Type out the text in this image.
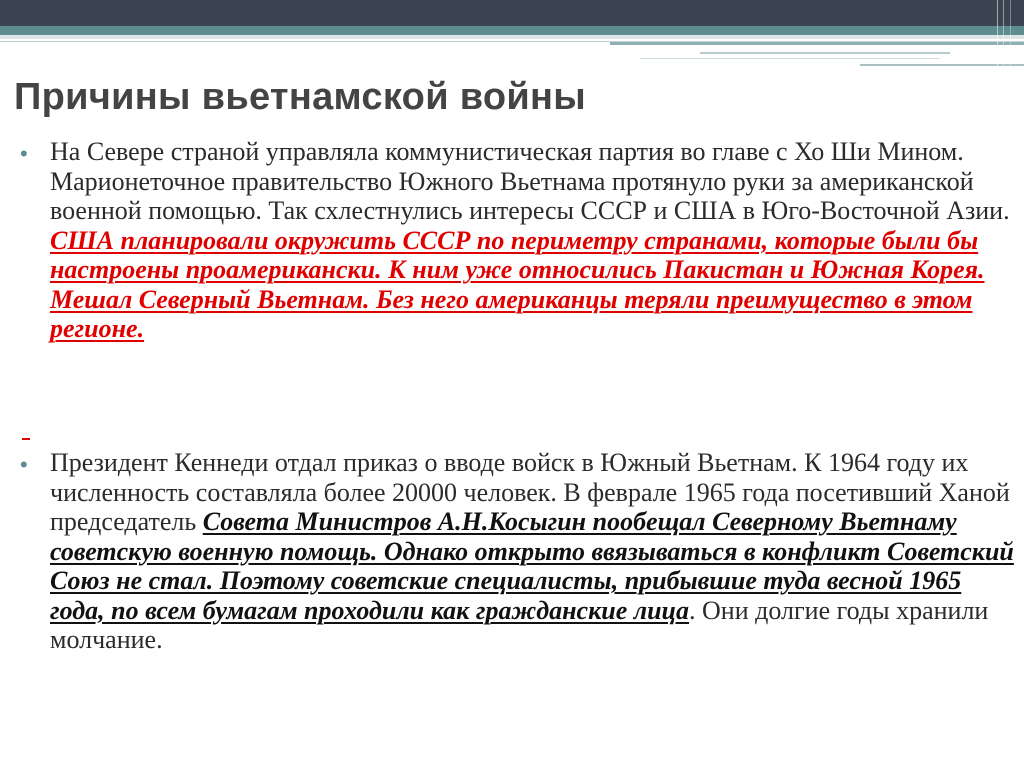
Причины вьетнамской войны
• На Севере страной управляла коммунистическая партия во главе с Хо Ши Мином. Марионеточное правительство Южного Вьетнама протянуло руки за американской военной помощью. Так схлестнулись интересы СССР и США в Юго-Восточной Азии. США планировали окружить СССР по периметру странами, которые были бы настроены проамерикански. К ним уже относились Пакистан и Южная Корея. Мешал Северный Вьетнам. Без него американцы теряли преимущество в этом регионе.

• Президент Кеннеди отдал приказ о вводе войск в Южный Вьетнам. К 1964 году их численность составляла более 20000 человек. В феврале 1965 года посетивший Ханой председатель Совета Министров А.Н.Косыгин пообещал Северному Вьетнаму советскую военную помощь. Однако открыто ввязываться в конфликт Советский Союз не стал. Поэтому советские специалисты, прибывшие туда весной 1965 года, по всем бумагам проходили как гражданские лица. Они долгие годы хранили молчание.
